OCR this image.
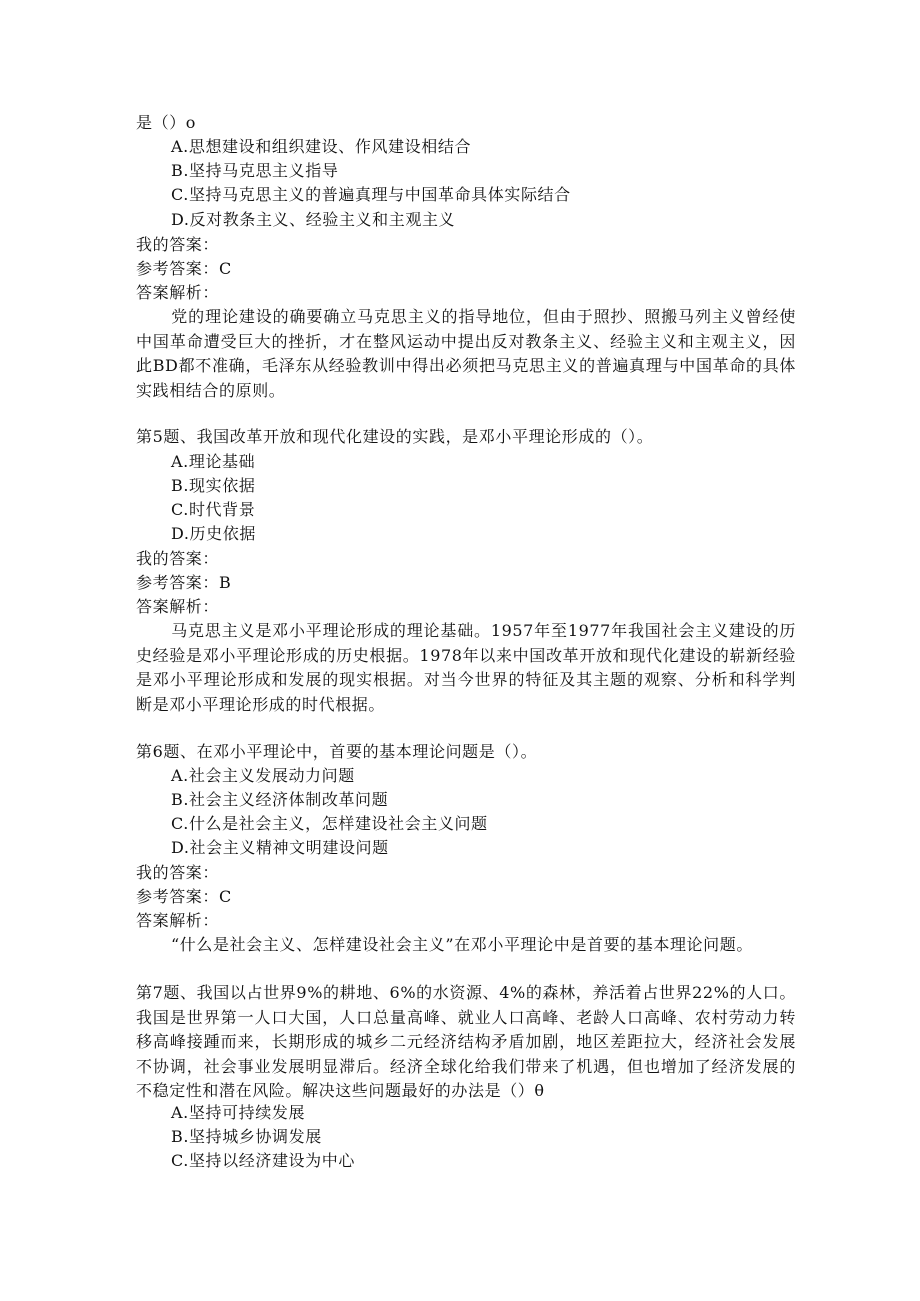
是（）o
A.思想建设和组织建设、作风建设相结合
B.坚持马克思主义指导
C.坚持马克思主义的普遍真理与中国革命具体实际结合
D.反对教条主义、经验主义和主观主义
我的答案：
参考答案：C
答案解析：
党的理论建设的确要确立马克思主义的指导地位，但由于照抄、照搬马列主义曾经使中国革命遭受巨大的挫折，才在整风运动中提出反对教条主义、经验主义和主观主义，因此BD都不准确，毛泽东从经验教训中得出必须把马克思主义的普遍真理与中国革命的具体实践相结合的原则。
第5题、我国改革开放和现代化建设的实践，是邓小平理论形成的（）。
A.理论基础
B.现实依据
C.时代背景
D.历史依据
我的答案：
参考答案：B
答案解析：
马克思主义是邓小平理论形成的理论基础。1957年至1977年我国社会主义建设的历史经验是邓小平理论形成的历史根据。1978年以来中国改革开放和现代化建设的崭新经验是邓小平理论形成和发展的现实根据。对当今世界的特征及其主题的观察、分析和科学判断是邓小平理论形成的时代根据。
第6题、在邓小平理论中，首要的基本理论问题是（）。
A.社会主义发展动力问题
B.社会主义经济体制改革问题
C.什么是社会主义，怎样建设社会主义问题
D.社会主义精神文明建设问题
我的答案：
参考答案：C
答案解析：
“什么是社会主义、怎样建设社会主义”在邓小平理论中是首要的基本理论问题。
第7题、我国以占世界9%的耕地、6%的水资源、4%的森林，养活着占世界22%的人口。我国是世界第一人口大国，人口总量高峰、就业人口高峰、老龄人口高峰、农村劳动力转移高峰接踵而来，长期形成的城乡二元经济结构矛盾加剧，地区差距拉大，经济社会发展不协调，社会事业发展明显滞后。经济全球化给我们带来了机遇，但也增加了经济发展的不稳定性和潜在风险。解决这些问题最好的办法是（）θ
A.坚持可持续发展
B.坚持城乡协调发展
C.坚持以经济建设为中心
